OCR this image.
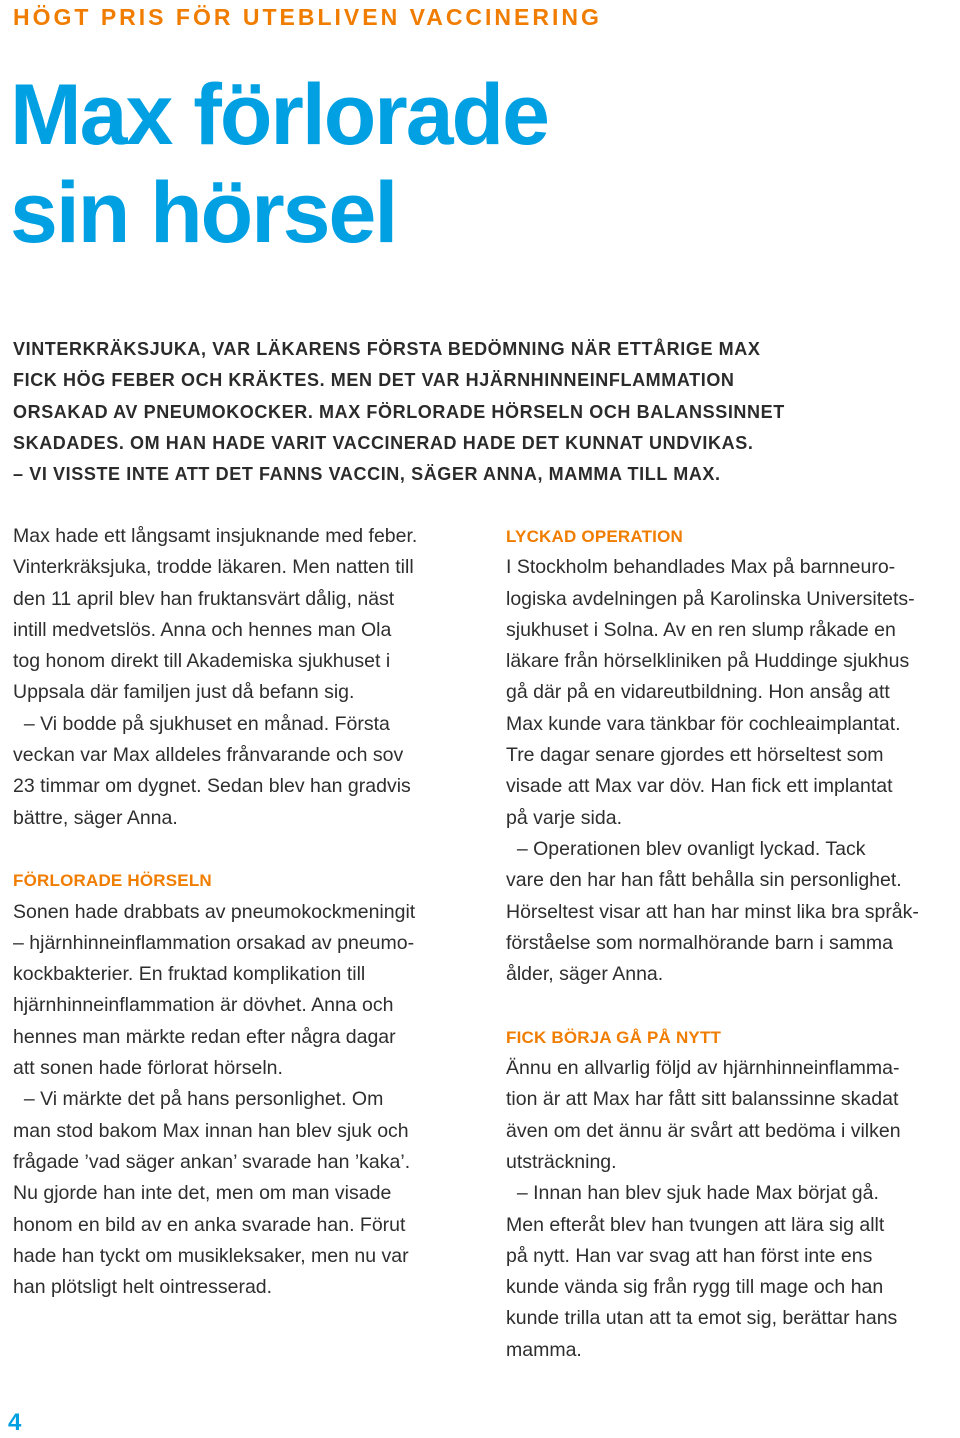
HÖGT PRIS FÖR UTEBLIVEN VACCINERING
Max förlorade
sin hörsel

VINTERKRÄKSJUKA, VAR LÄKARENS FÖRSTA BEDÖMNING NÄR ETTÅRIGE MAX
FICK HÖG FEBER OCH KRÄKTES. MEN DET VAR HJÄRNHINNEINFLAMMATION
ORSAKAD AV PNEUMOKOCKER. MAX FÖRLORADE HÖRSELN OCH BALANSSINNET
SKADADES. OM HAN HADE VARIT VACCINERAD HADE DET KUNNAT UNDVIKAS.
– VI VISSTE INTE ATT DET FANNS VACCIN, SÄGER ANNA, MAMMA TILL MAX.

Max hade ett långsamt insjuknande med feber.
Vinterkräksjuka, trodde läkaren. Men natten till
den 11 april blev han fruktansvärt dålig, näst
intill medvetslös. Anna och hennes man Ola
tog honom direkt till Akademiska sjukhuset i
Uppsala där familjen just då befann sig.
– Vi bodde på sjukhuset en månad. Första
veckan var Max alldeles frånvarande och sov
23 timmar om dygnet. Sedan blev han gradvis
bättre, säger Anna.
FÖRLORADE HÖRSELN
Sonen hade drabbats av pneumokockmeningit
– hjärnhinneinflammation orsakad av pneumo-
kockbakterier. En fruktad komplikation till
hjärnhinneinflammation är dövhet. Anna och
hennes man märkte redan efter några dagar
att sonen hade förlorat hörseln.
– Vi märkte det på hans personlighet. Om
man stod bakom Max innan han blev sjuk och
frågade ’vad säger ankan’ svarade han ’kaka’.
Nu gjorde han inte det, men om man visade
honom en bild av en anka svarade han. Förut
hade han tyckt om musikleksaker, men nu var
han plötsligt helt ointresserad.
LYCKAD OPERATION
I Stockholm behandlades Max på barnneuro-
logiska avdelningen på Karolinska Universitets-
sjukhuset i Solna. Av en ren slump råkade en
läkare från hörselkliniken på Huddinge sjukhus
gå där på en vidareutbildning. Hon ansåg att
Max kunde vara tänkbar för cochleaimplantat.
Tre dagar senare gjordes ett hörseltest som
visade att Max var döv. Han fick ett implantat
på varje sida.
– Operationen blev ovanligt lyckad. Tack
vare den har han fått behålla sin personlighet.
Hörseltest visar att han har minst lika bra språk-
förståelse som normalhörande barn i samma
ålder, säger Anna.
FICK BÖRJA GÅ PÅ NYTT
Ännu en allvarlig följd av hjärnhinneinflamma-
tion är att Max har fått sitt balanssinne skadat
även om det ännu är svårt att bedöma i vilken
utsträckning.
– Innan han blev sjuk hade Max börjat gå.
Men efteråt blev han tvungen att lära sig allt
på nytt. Han var svag att han först inte ens
kunde vända sig från rygg till mage och han
kunde trilla utan att ta emot sig, berättar hans
mamma.
4
